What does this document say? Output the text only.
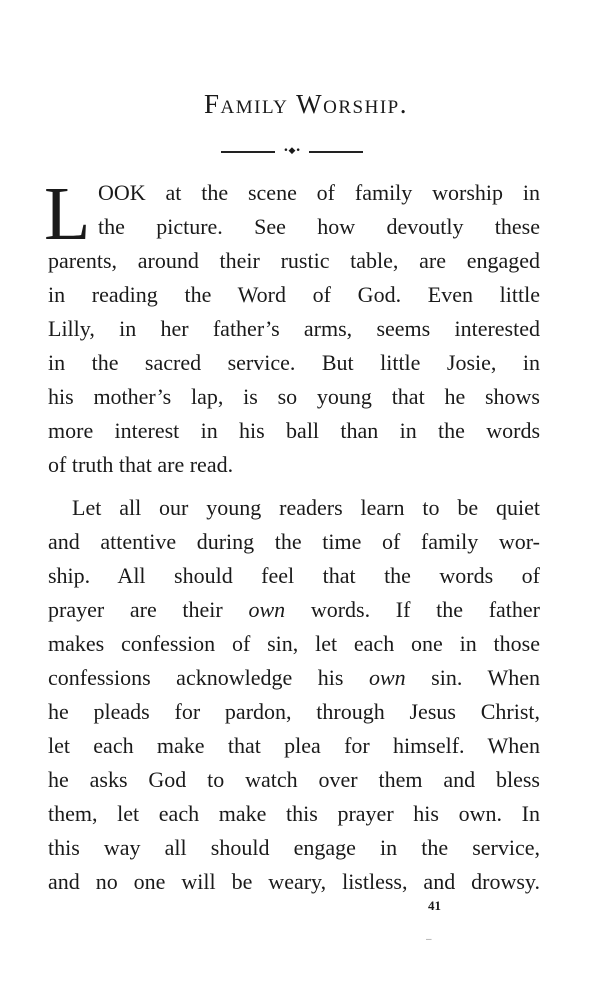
Family Worship.
•◆•
L OOK at the scene of family worship in
the picture. See how devoutly these
parents, around their rustic table, are engaged
in reading the Word of God. Even little
Lilly, in her father’s arms, seems interested
in the sacred service. But little Josie, in
his mother’s lap, is so young that he shows
more interest in his ball than in the words
of truth that are read.
Let all our young readers learn to be quiet
and attentive during the time of family wor-
ship. All should feel that the words of
prayer are their own words. If the father
makes confession of sin, let each one in those
confessions acknowledge his own sin. When
he pleads for pardon, through Jesus Christ,
let each make that plea for himself. When
he asks God to watch over them and bless
them, let each make this prayer his own. In
this way all should engage in the service,
and no one will be weary, listless, and drowsy.
41
–
